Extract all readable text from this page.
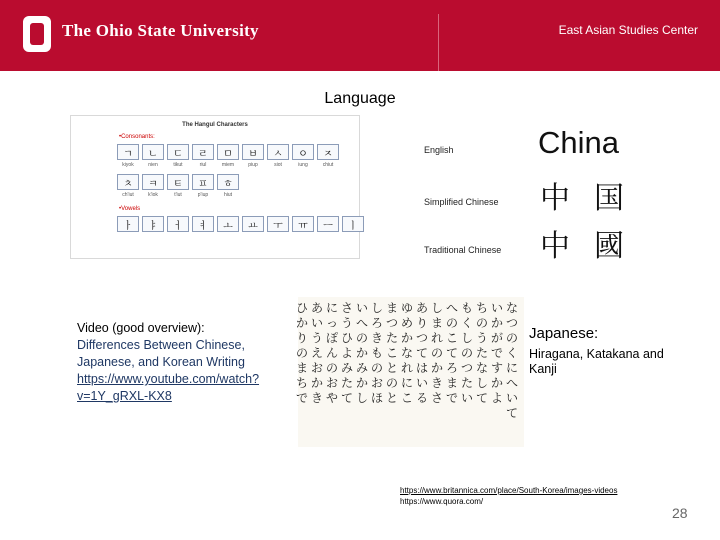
The Ohio State University	East Asian Studies Center
Language
The Hangul Characters
•Consonants:
ㄱ	ㄴ	ㄷ	ㄹ	ㅁ	ㅂ	ㅅ	ㅇ	ㅈ
kiyok	nien	tikut	riul	miem	piup	siot	iung	chiut
ㅊ	ㅋ	ㅌ	ㅍ	ㅎ
ch'iut	k'iok	t'iut	p'iup	hiut
•Vowels
ㅏ	ㅑ	ㅓ	ㅕ	ㅗ	ㅛ	ㅜ	ㅠ	ㅡ	ㅣ
English	China
Simplified Chinese 中 国
Traditional Chinese 中 國
Video (good overview):
Differences Between Chinese, Japanese, and Korean Writing
https://www.youtube.com/watch?v=1Y_gRXL-KX8
なつのくにへいて
いかがですかよ
ちのうたなして
もくしのつたい
へのこてろまで
しまれのかきさ
ありつてはいる
ゆめかなれにこ
まつたことのと
しろきものおほ
いへのかみかし
さうひよみたて
にっぽんのおや
あいうえおかき
ひかりのまちで
Japanese:
Hiragana, Katakana and Kanji
https://www.britannica.com/place/South-Korea/images-videos
https://www.quora.com/
28
